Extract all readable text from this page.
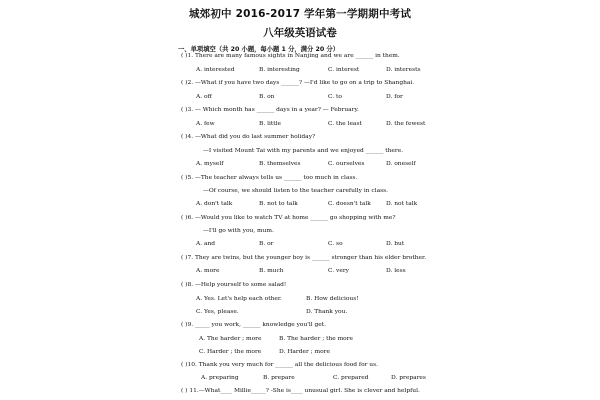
城郊初中 2016-2017 学年第一学期期中考试
八年级英语试卷
一、单项填空（共 20 小题，每小题 1 分，满分 20 分）
( )1. There are many famous sights in Nanjing and we are ______ in them.
A. interested	B. interesting	C. interest	D. interests
( )2. —What if you have two days ______? —I'd like to go on a trip to Shanghai.
A. off	B. on	C. to	D. for
( )3. — Which month has ______ days in a year? — February.
A. few	B. little	C. the least	D. the fewest
( )4. —What did you do last summer holiday?
—I visited Mount Tai with my parents and we enjoyed ______ there.
A. myself	B. themselves	C. ourselves	D. oneself
( )5. —The teacher always tells us ______ too much in class.
—Of course, we should listen to the teacher carefully in class.
A. don't talk	B. not to talk	C. doesn't talk	D. not talk
( )6. —Would you like to watch TV at home ______ go shopping with me?
—I'll go with you, mum.
A. and	B. or	C. so	D. but
( )7. They are twins, but the younger boy is ______ stronger than his elder brother.
A. more	B. much	C. very	D. less
( )8. —Help yourself to some salad!
A. Yes. Let's help each other.	B. How delicious!
C. Yes, please.	D. Thank you.
( )9. _____ you work, ______ knowledge you'll get.
A. The harder ; more	B. The harder ; the more
C. Harder ; the more	D. Harder ; more
( )10. Thank you very much for ______ all the delicious food for us.
A. preparing	B. prepare	C. prepared	D. prepares
( ) 11.—What____ Millie_____? -She is____ unusual girl. She is clever and helpful.
